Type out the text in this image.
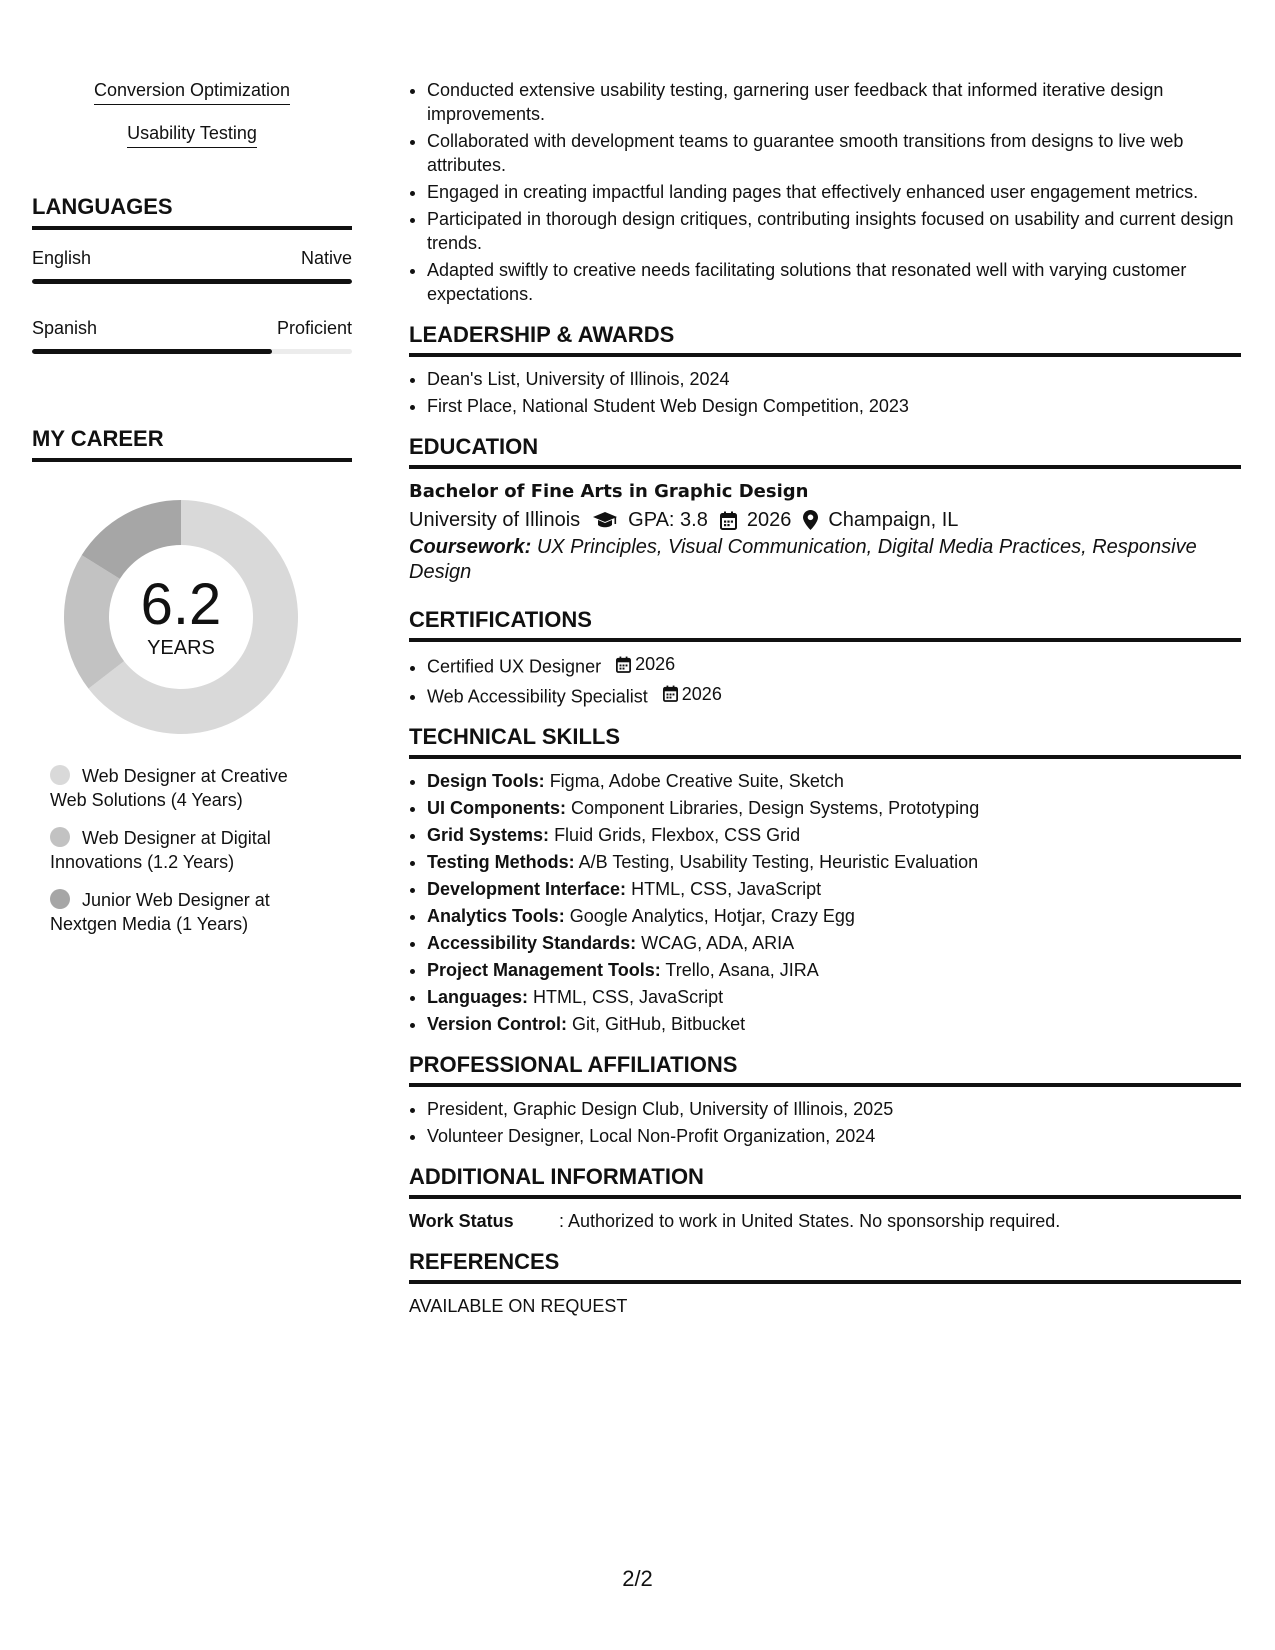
Conversion Optimization
Usability Testing
LANGUAGES
English	Native
Spanish	Proficient
MY CAREER
6.2
YEARS
Web Designer at Creative Web Solutions (4 Years)
Web Designer at Digital Innovations (1.2 Years)
Junior Web Designer at Nextgen Media (1 Years)
• Conducted extensive usability testing, garnering user feedback that informed iterative design improvements.
• Collaborated with development teams to guarantee smooth transitions from designs to live web attributes.
• Engaged in creating impactful landing pages that effectively enhanced user engagement metrics.
• Participated in thorough design critiques, contributing insights focused on usability and current design trends.
• Adapted swiftly to creative needs facilitating solutions that resonated well with varying customer expectations.
LEADERSHIP & AWARDS
• Dean's List, University of Illinois, 2024
• First Place, National Student Web Design Competition, 2023
EDUCATION
Bachelor of Fine Arts in Graphic Design
University of Illinois GPA: 3.8 2026 Champaign, IL
Coursework: UX Principles, Visual Communication, Digital Media Practices, Responsive Design
CERTIFICATIONS
• Certified UX Designer 2026
• Web Accessibility Specialist 2026
TECHNICAL SKILLS
• Design Tools: Figma, Adobe Creative Suite, Sketch
• UI Components: Component Libraries, Design Systems, Prototyping
• Grid Systems: Fluid Grids, Flexbox, CSS Grid
• Testing Methods: A/B Testing, Usability Testing, Heuristic Evaluation
• Development Interface: HTML, CSS, JavaScript
• Analytics Tools: Google Analytics, Hotjar, Crazy Egg
• Accessibility Standards: WCAG, ADA, ARIA
• Project Management Tools: Trello, Asana, JIRA
• Languages: HTML, CSS, JavaScript
• Version Control: Git, GitHub, Bitbucket
PROFESSIONAL AFFILIATIONS
• President, Graphic Design Club, University of Illinois, 2025
• Volunteer Designer, Local Non-Profit Organization, 2024
ADDITIONAL INFORMATION
Work Status	: Authorized to work in United States. No sponsorship required.
REFERENCES
AVAILABLE ON REQUEST
2/2
